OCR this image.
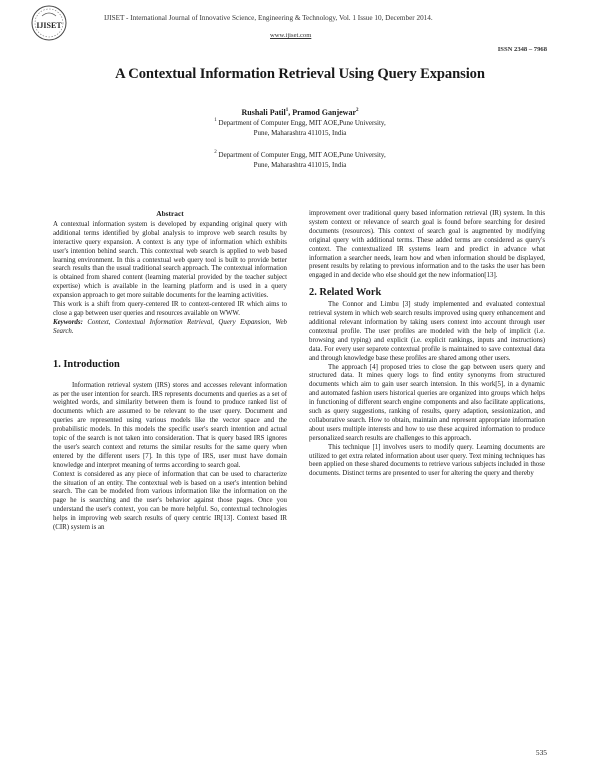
IJISET
IJISET - International Journal of Innovative Science, Engineering & Technology, Vol. 1 Issue 10, December 2014.
www.ijiset.com
ISSN 2348 – 7968
A Contextual Information Retrieval Using Query Expansion
Rushali Patil$^1$, Pramod Ganjewar$^2$
$^1$ Department of Computer Engg, MIT AOE,Pune University,
Pune, Maharashtra 411015, India
$^2$ Department of Computer Engg, MIT AOE,Pune University,
Pune, Maharashtra 411015, India
Abstract

A contextual information system is developed by expanding original query with additional terms identified by global analysis to improve web search results by interactive query expansion. A context is any type of information which exhibits user's intention behind search. This contextual web search is applied to web based learning environment. In this a contextual web query tool is built to provide better search results than the usual traditional search approach. The contextual information is obtained from shared content (learning material provided by the teacher subject expertise) which is available in the learning platform and is used in a query expansion approach to get more suitable documents for the learning activities.

This work is a shift from query-centered IR to context-centered IR which aims to close a gap between user queries and resources available on WWW.

Keywords: Context, Contextual Information Retrieval, Query Expansion, Web Search.

1. Introduction

Information retrieval system (IRS) stores and accesses relevant information as per the user intention for search. IRS represents documents and queries as a set of weighted words, and similarity between them is found to produce ranked list of documents which are assumed to be relevant to the user query. Document and queries are represented using various models like the vector space and the probabilistic models. In this models the specific user's search intention and actual topic of the search is not taken into consideration. That is query based IRS ignores the user's search context and returns the similar results for the same query when entered by the different users [7]. In this type of IRS, user must have domain knowledge and interpret meaning of terms according to search goal.

Context is considered as any piece of information that can be used to characterize the situation of an entity. The contextual web is based on a user's intention behind search. The can be modeled from various information like the information on the page he is searching and the user's behavior against those pages. Once you understand the user's context, you can be more helpful. So, contextual technologies helps in improving web search results of query centric IR[13]. Context based IR (CIR) system is an

improvement over traditional query based information retrieval (IR) system. In this system context or relevance of search goal is found before searching for desired documents (resources). This context of search goal is augmented by modifying original query with additional terms. These added terms are considered as query's context. The contextualized IR systems learn and predict in advance what information a searcher needs, learn how and when information should be displayed, present results by relating to previous information and to the tasks the user has been engaged in and decide who else should get the new information[13].

2. Related Work

The Connor and Limbu [3] study implemented and evaluated contextual retrieval system in which web search results improved using query enhancement and additional relevant information by taking users context into account through user contextual profile. The user profiles are modeled with the help of implicit (i.e. browsing and typing) and explicit (i.e. explicit rankings, inputs and instructions) data. For every user separete contextual profile is maintained to save contextual data and through knowledge base these profiles are shared among other users.

The approach [4] proposed tries to close the gap between users query and structured data. It mines query logs to find entity synonyms from structured documents which aim to gain user search intension. In this work[5], in a dynamic and automated fashion users historical queries are organized into groups which helps in functioning of different search engine components and also facilitate applications, such as query suggestions, ranking of results, query adaption, sessionization, and collaborative search. How to obtain, maintain and represent appropriate information about users multiple interests and how to use these acquired information to produce personalized search results are challenges to this approach.

This technique [1] involves users to modify query. Learning documents are utilized to get extra related information about user query. Text mining techniques has been applied on these shared documents to retrieve various subjects included in those documents. Distinct terms are presented to user for altering the query and thereby

535
